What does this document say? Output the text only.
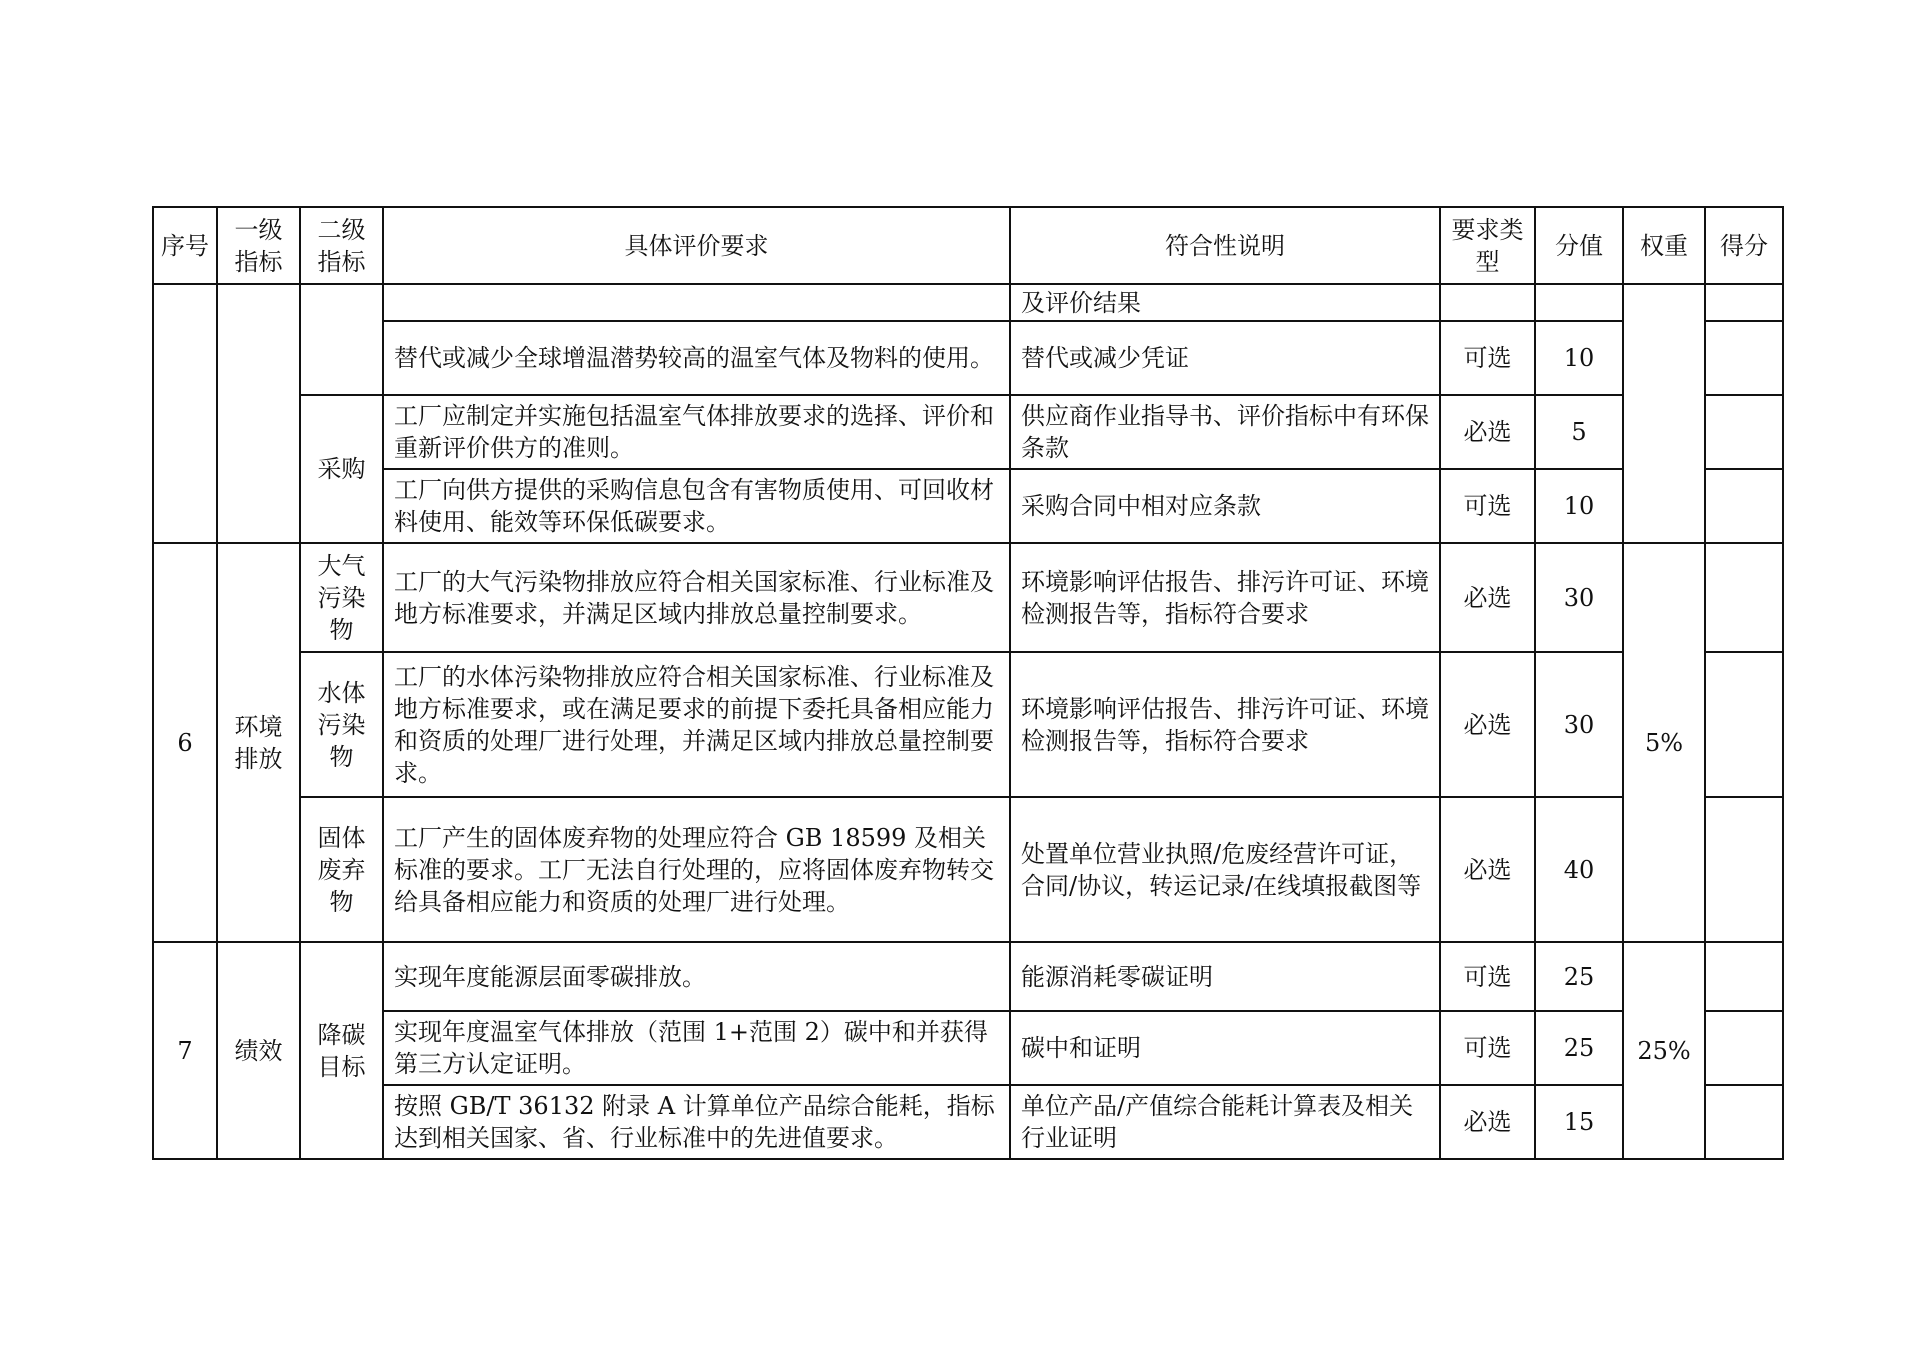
序号	一级指标	二级指标	具体评价要求	符合性说明	要求类型	分值	权重	得分
				及评价结果				
			替代或减少全球增温潜势较高的温室气体及物料的使用。	替代或减少凭证	可选	10		
		采购	工厂应制定并实施包括温室气体排放要求的选择、评价和重新评价供方的准则。	供应商作业指导书、评价指标中有环保条款	必选	5		
			工厂向供方提供的采购信息包含有害物质使用、可回收材料使用、能效等环保低碳要求。	采购合同中相对应条款	可选	10		
6	环境排放	大气污染物	工厂的大气污染物排放应符合相关国家标准、行业标准及地方标准要求，并满足区域内排放总量控制要求。	环境影响评估报告、排污许可证、环境检测报告等，指标符合要求	必选	30	5%	
		水体污染物	工厂的水体污染物排放应符合相关国家标准、行业标准及地方标准要求，或在满足要求的前提下委托具备相应能力和资质的处理厂进行处理，并满足区域内排放总量控制要求。	环境影响评估报告、排污许可证、环境检测报告等，指标符合要求	必选	30		
		固体废弃物	工厂产生的固体废弃物的处理应符合 GB 18599 及相关标准的要求。工厂无法自行处理的，应将固体废弃物转交给具备相应能力和资质的处理厂进行处理。	处置单位营业执照/危废经营许可证，合同/协议，转运记录/在线填报截图等	必选	40		
7	绩效	降碳目标	实现年度能源层面零碳排放。	能源消耗零碳证明	可选	25	25%	
			实现年度温室气体排放（范围 1+范围 2）碳中和并获得第三方认定证明。	碳中和证明	可选	25		
			按照 GB/T 36132 附录 A 计算单位产品综合能耗，指标达到相关国家、省、行业标准中的先进值要求。	单位产品/产值综合能耗计算表及相关行业证明	必选	15		
